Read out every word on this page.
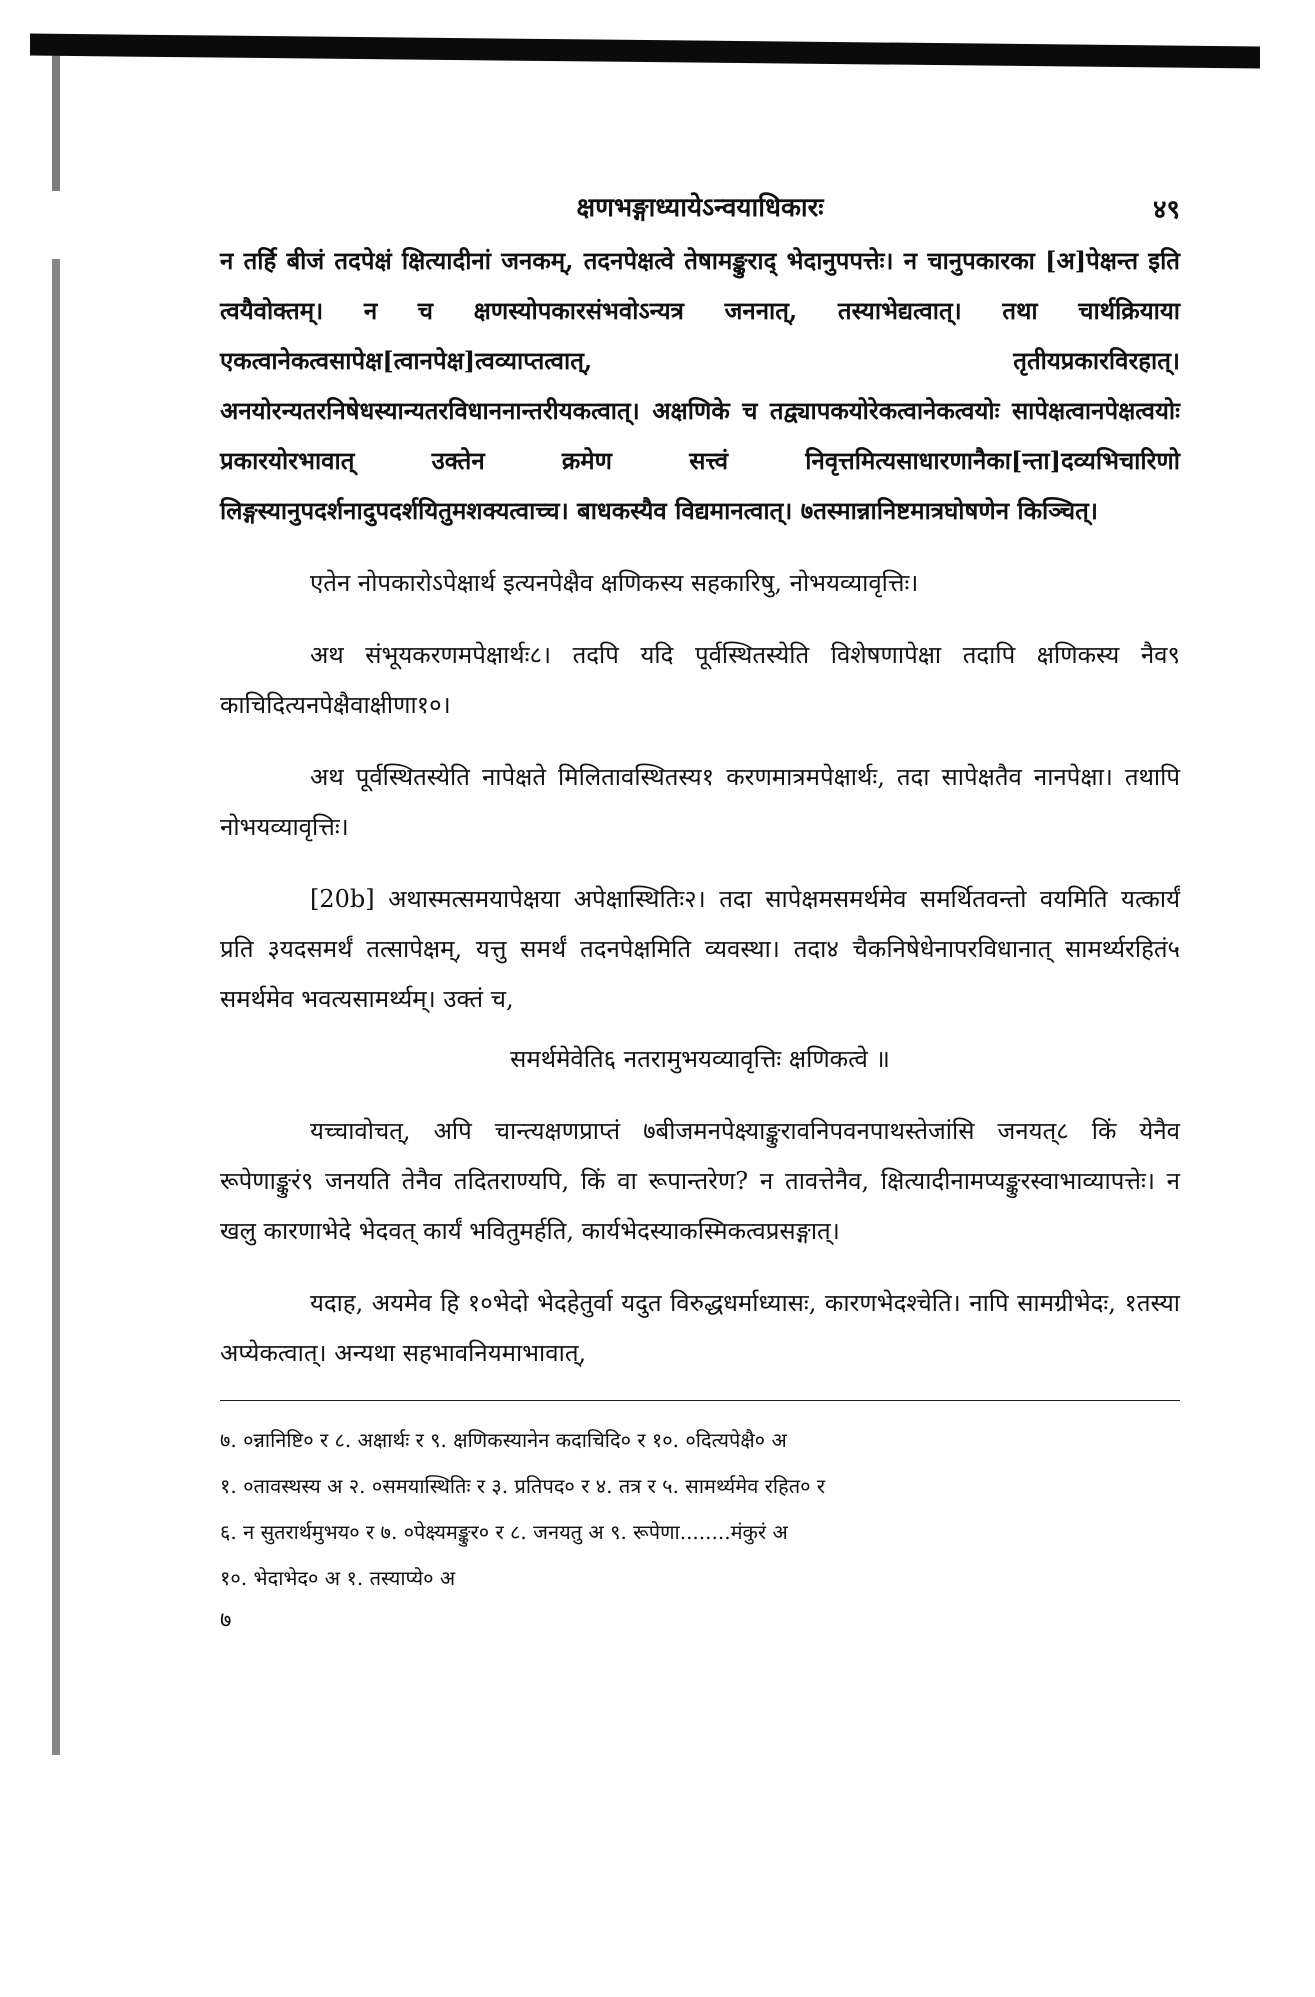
क्षणभङ्गाध्यायेऽन्वयाधिकारः	४९

न तर्हि बीजं तदपेक्षं क्षित्यादीनां जनकम्, तदनपेक्षत्वे तेषामङ्कुराद् भेदानुपपत्तेः। न चानुपकारका [अ]पेक्षन्त इति त्वयैवोक्तम्। न च क्षणस्योपकारसंभवोऽन्यत्र जननात्, तस्याभेद्यत्वात्। तथा चार्थक्रियाया एकत्वानेकत्वसापेक्ष[त्वानपेक्ष]त्वव्याप्तत्वात्, तृतीयप्रकारविरहात्। अनयोरन्यतरनिषेधस्यान्यतरविधाननान्तरीयकत्वात्। अक्षणिके च तद्व्यापकयोरेकत्वानेकत्वयोः सापेक्षत्वानपेक्षत्वयोः प्रकारयोरभावात् उक्तेन क्रमेण सत्त्वं निवृत्तमित्यसाधारणानैका[न्ता]दव्यभिचारिणो लिङ्गस्यानुपदर्शनादुपदर्शयितुमशक्यत्वाच्च। बाधकस्यैव विद्यमानत्वात्। ७तस्मान्नानिष्टमात्रघोषणेन किञ्चित्।

एतेन नोपकारोऽपेक्षार्थ इत्यनपेक्षैव क्षणिकस्य सहकारिषु, नोभयव्यावृत्तिः।

अथ संभूयकरणमपेक्षार्थः८। तदपि यदि पूर्वस्थितस्येति विशेषणापेक्षा तदापि क्षणिकस्य नैव९ काचिदित्यनपेक्षैवाक्षीणा१०।

अथ पूर्वस्थितस्येति नापेक्षते मिलितावस्थितस्य१ करणमात्रमपेक्षार्थः, तदा सापेक्षतैव नानपेक्षा। तथापि नोभयव्यावृत्तिः।

[20b] अथास्मत्समयापेक्षया अपेक्षास्थितिः२। तदा सापेक्षमसमर्थमेव समर्थितवन्तो वयमिति यत्कार्यं प्रति ३यदसमर्थं तत्सापेक्षम्, यत्तु समर्थं तदनपेक्षमिति व्यवस्था। तदा४ चैकनिषेधेनापरविधानात् सामर्थ्यरहितं५ समर्थमेव भवत्यसामर्थ्यम्। उक्तं च,

समर्थमेवेति६ नतरामुभयव्यावृत्तिः क्षणिकत्वे ॥

यच्चावोचत्, अपि चान्त्यक्षणप्राप्तं ७बीजमनपेक्ष्याङ्कुरावनिपवनपाथस्तेजांसि जनयत्८ किं येनैव रूपेणाङ्कुरं९ जनयति तेनैव तदितराण्यपि, किं वा रूपान्तरेण? न तावत्तेनैव, क्षित्यादीनामप्यङ्कुरस्वाभाव्यापत्तेः। न खलु कारणाभेदे भेदवत् कार्यं भवितुमर्हति, कार्यभेदस्याकस्मिकत्वप्रसङ्गात्।

यदाह, अयमेव हि १०भेदो भेदहेतुर्वा यदुत विरुद्धधर्माध्यासः, कारणभेदश्चेति। नापि सामग्रीभेदः, १तस्या अप्येकत्वात्। अन्यथा सहभावनियमाभावात्,

७. ०न्नानिष्टि० र ८. अक्षार्थः र ९. क्षणिकस्यानेन कदाचिदि० र १०. ०दित्यपेक्षै० अ

१. ०तावस्थस्य अ २. ०समयास्थितिः र ३. प्रतिपद० र ४. तत्र र ५. सामर्थ्यमेव रहित० र

६. न सुतरार्थमुभय० र ७. ०पेक्ष्यमङ्कुर० र ८. जनयतु अ ९. रूपेणा........मंकुरं अ

१०. भेदाभेद० अ १. तस्याप्ये० अ

७
